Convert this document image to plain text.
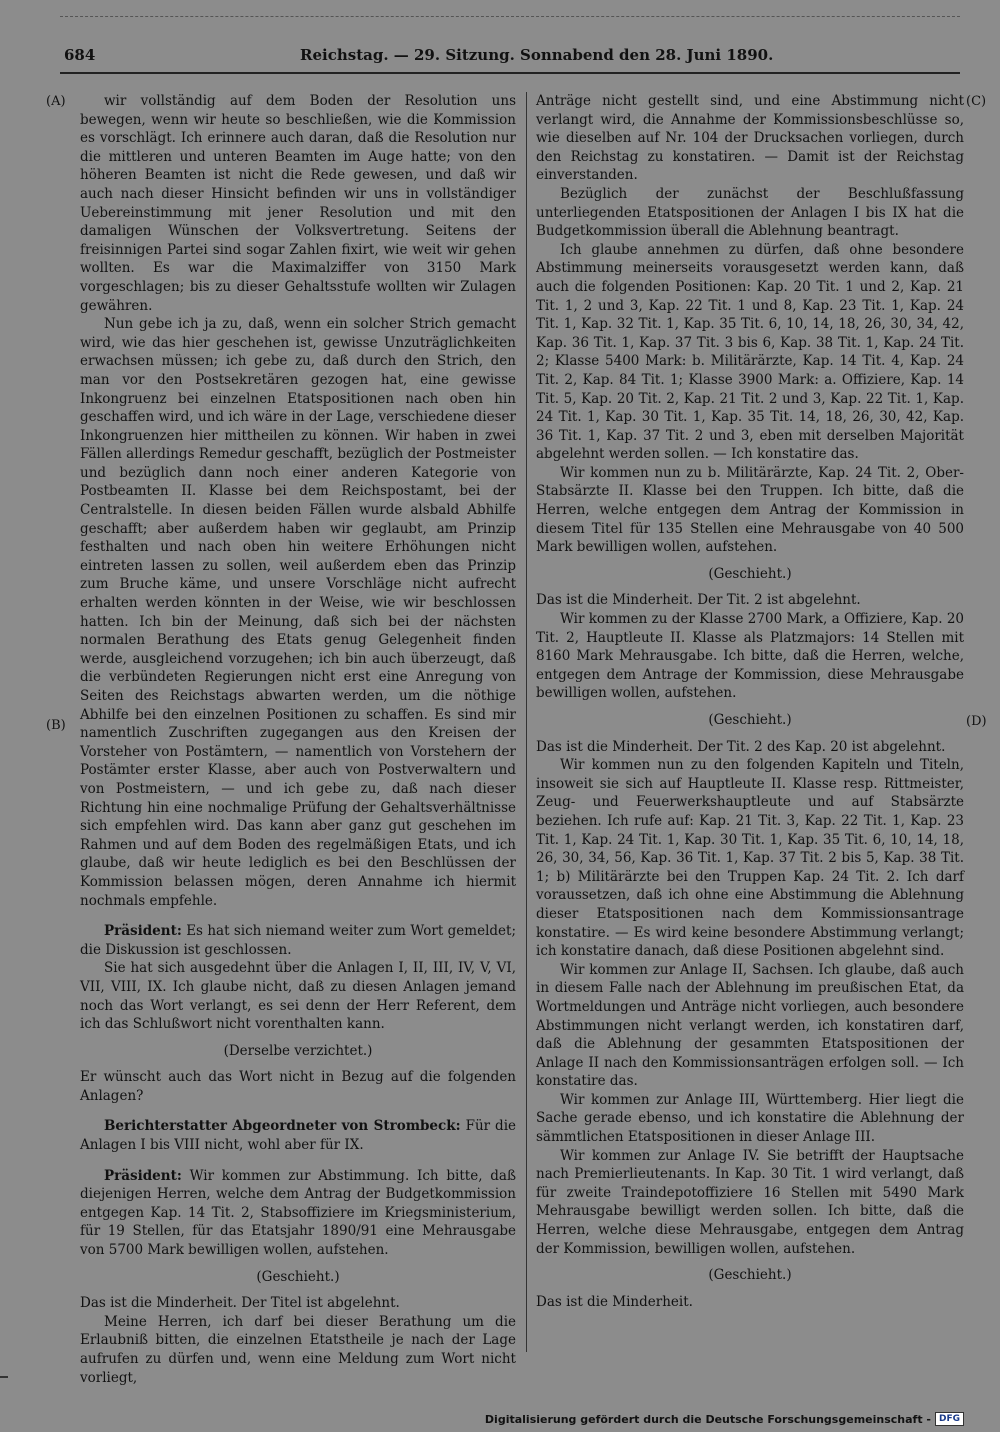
684	Reichstag. — 29. Sitzung. Sonnabend den 28. Juni 1890.
(A)
(B)
(C)
(D)

wir vollständig auf dem Boden der Resolution uns bewegen, wenn wir heute so beschließen, wie die Kommission es vorschlägt. Ich erinnere auch daran, daß die Resolution nur die mittleren und unteren Beamten im Auge hatte; von den höheren Beamten ist nicht die Rede gewesen, und daß wir auch nach dieser Hinsicht befinden wir uns in vollständiger Uebereinstimmung mit jener Resolution und mit den damaligen Wünschen der Volksvertretung. Seitens der freisinnigen Partei sind sogar Zahlen fixirt, wie weit wir gehen wollten. Es war die Maximalziffer von 3150 Mark vorgeschlagen; bis zu dieser Gehaltsstufe wollten wir Zulagen gewähren.

Nun gebe ich ja zu, daß, wenn ein solcher Strich gemacht wird, wie das hier geschehen ist, gewisse Unzuträglichkeiten erwachsen müssen; ich gebe zu, daß durch den Strich, den man vor den Postsekretären gezogen hat, eine gewisse Inkongruenz bei einzelnen Etatspositionen nach oben hin geschaffen wird, und ich wäre in der Lage, verschiedene dieser Inkongruenzen hier mittheilen zu können. Wir haben in zwei Fällen allerdings Remedur geschafft, bezüglich der Postmeister und bezüglich dann noch einer anderen Kategorie von Postbeamten II. Klasse bei dem Reichspostamt, bei der Centralstelle. In diesen beiden Fällen wurde alsbald Abhilfe geschafft; aber außerdem haben wir geglaubt, am Prinzip festhalten und nach oben hin weitere Erhöhungen nicht eintreten lassen zu sollen, weil außerdem eben das Prinzip zum Bruche käme, und unsere Vorschläge nicht aufrecht erhalten werden könnten in der Weise, wie wir beschlossen hatten. Ich bin der Meinung, daß sich bei der nächsten normalen Berathung des Etats genug Gelegenheit finden werde, ausgleichend vorzugehen; ich bin auch überzeugt, daß die verbündeten Regierungen nicht erst eine Anregung von Seiten des Reichstags abwarten werden, um die nöthige Abhilfe bei den einzelnen Positionen zu schaffen. Es sind mir namentlich Zuschriften zugegangen aus den Kreisen der Vorsteher von Postämtern, — namentlich von Vorstehern der Postämter erster Klasse, aber auch von Postverwaltern und von Postmeistern, — und ich gebe zu, daß nach dieser Richtung hin eine nochmalige Prüfung der Gehaltsverhältnisse sich empfehlen wird. Das kann aber ganz gut geschehen im Rahmen und auf dem Boden des regelmäßigen Etats, und ich glaube, daß wir heute lediglich es bei den Beschlüssen der Kommission belassen mögen, deren Annahme ich hiermit nochmals empfehle.

Präsident: Es hat sich niemand weiter zum Wort gemeldet; die Diskussion ist geschlossen.

Sie hat sich ausgedehnt über die Anlagen I, II, III, IV, V, VI, VII, VIII, IX. Ich glaube nicht, daß zu diesen Anlagen jemand noch das Wort verlangt, es sei denn der Herr Referent, dem ich das Schlußwort nicht vorenthalten kann.

(Derselbe verzichtet.)

Er wünscht auch das Wort nicht in Bezug auf die folgenden Anlagen?

Berichterstatter Abgeordneter von Strombeck: Für die Anlagen I bis VIII nicht, wohl aber für IX.

Präsident: Wir kommen zur Abstimmung. Ich bitte, daß diejenigen Herren, welche dem Antrag der Budgetkommission entgegen Kap. 14 Tit. 2, Stabsoffiziere im Kriegsministerium, für 19 Stellen, für das Etatsjahr 1890/91 eine Mehrausgabe von 5700 Mark bewilligen wollen, aufstehen.

(Geschieht.)

Das ist die Minderheit. Der Titel ist abgelehnt.

Meine Herren, ich darf bei dieser Berathung um die Erlaubniß bitten, die einzelnen Etatstheile je nach der Lage aufrufen zu dürfen und, wenn eine Meldung zum Wort nicht vorliegt,

Anträge nicht gestellt sind, und eine Abstimmung nicht verlangt wird, die Annahme der Kommissionsbeschlüsse so, wie dieselben auf Nr. 104 der Drucksachen vorliegen, durch den Reichstag zu konstatiren. — Damit ist der Reichstag einverstanden.

Bezüglich der zunächst der Beschlußfassung unterliegenden Etatspositionen der Anlagen I bis IX hat die Budgetkommission überall die Ablehnung beantragt.

Ich glaube annehmen zu dürfen, daß ohne besondere Abstimmung meinerseits vorausgesetzt werden kann, daß auch die folgenden Positionen: Kap. 20 Tit. 1 und 2, Kap. 21 Tit. 1, 2 und 3, Kap. 22 Tit. 1 und 8, Kap. 23 Tit. 1, Kap. 24 Tit. 1, Kap. 32 Tit. 1, Kap. 35 Tit. 6, 10, 14, 18, 26, 30, 34, 42, Kap. 36 Tit. 1, Kap. 37 Tit. 3 bis 6, Kap. 38 Tit. 1, Kap. 24 Tit. 2; Klasse 5400 Mark: b. Militärärzte, Kap. 14 Tit. 4, Kap. 24 Tit. 2, Kap. 84 Tit. 1; Klasse 3900 Mark: a. Offiziere, Kap. 14 Tit. 5, Kap. 20 Tit. 2, Kap. 21 Tit. 2 und 3, Kap. 22 Tit. 1, Kap. 24 Tit. 1, Kap. 30 Tit. 1, Kap. 35 Tit. 14, 18, 26, 30, 42, Kap. 36 Tit. 1, Kap. 37 Tit. 2 und 3, eben mit derselben Majorität abgelehnt werden sollen. — Ich konstatire das.

Wir kommen nun zu b. Militärärzte, Kap. 24 Tit. 2, Ober-Stabsärzte II. Klasse bei den Truppen. Ich bitte, daß die Herren, welche entgegen dem Antrag der Kommission in diesem Titel für 135 Stellen eine Mehrausgabe von 40 500 Mark bewilligen wollen, aufstehen.

(Geschieht.)

Das ist die Minderheit. Der Tit. 2 ist abgelehnt.

Wir kommen zu der Klasse 2700 Mark, a Offiziere, Kap. 20 Tit. 2, Hauptleute II. Klasse als Platzmajors: 14 Stellen mit 8160 Mark Mehrausgabe. Ich bitte, daß die Herren, welche, entgegen dem Antrage der Kommission, diese Mehrausgabe bewilligen wollen, aufstehen.

(Geschieht.)

Das ist die Minderheit. Der Tit. 2 des Kap. 20 ist abgelehnt.

Wir kommen nun zu den folgenden Kapiteln und Titeln, insoweit sie sich auf Hauptleute II. Klasse resp. Rittmeister, Zeug- und Feuerwerkshauptleute und auf Stabsärzte beziehen. Ich rufe auf: Kap. 21 Tit. 3, Kap. 22 Tit. 1, Kap. 23 Tit. 1, Kap. 24 Tit. 1, Kap. 30 Tit. 1, Kap. 35 Tit. 6, 10, 14, 18, 26, 30, 34, 56, Kap. 36 Tit. 1, Kap. 37 Tit. 2 bis 5, Kap. 38 Tit. 1; b) Militärärzte bei den Truppen Kap. 24 Tit. 2. Ich darf voraussetzen, daß ich ohne eine Abstimmung die Ablehnung dieser Etatspositionen nach dem Kommissionsantrage konstatire. — Es wird keine besondere Abstimmung verlangt; ich konstatire danach, daß diese Positionen abgelehnt sind.

Wir kommen zur Anlage II, Sachsen. Ich glaube, daß auch in diesem Falle nach der Ablehnung im preußischen Etat, da Wortmeldungen und Anträge nicht vorliegen, auch besondere Abstimmungen nicht verlangt werden, ich konstatiren darf, daß die Ablehnung der gesammten Etatspositionen der Anlage II nach den Kommissionsanträgen erfolgen soll. — Ich konstatire das.

Wir kommen zur Anlage III, Württemberg. Hier liegt die Sache gerade ebenso, und ich konstatire die Ablehnung der sämmtlichen Etatspositionen in dieser Anlage III.

Wir kommen zur Anlage IV. Sie betrifft der Hauptsache nach Premierlieutenants. In Kap. 30 Tit. 1 wird verlangt, daß für zweite Traindepotoffiziere 16 Stellen mit 5490 Mark Mehrausgabe bewilligt werden sollen. Ich bitte, daß die Herren, welche diese Mehrausgabe, entgegen dem Antrag der Kommission, bewilligen wollen, aufstehen.

(Geschieht.)

Das ist die Minderheit.

Digitalisierung gefördert durch die Deutsche Forschungsgemeinschaft - DFG
